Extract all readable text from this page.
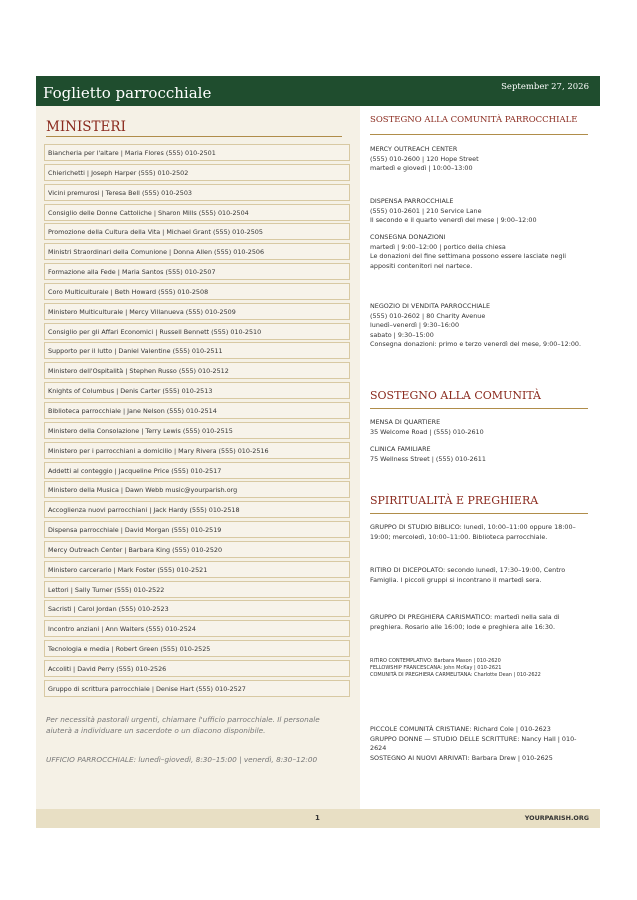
Foglietto parrocchiale	September 27, 2026
MINISTERI
Biancheria per l'altare | Maria Flores (555) 010-2501
Chierichetti | Joseph Harper (555) 010-2502
Vicini premurosi | Teresa Bell (555) 010-2503
Consiglio delle Donne Cattoliche | Sharon Mills (555) 010-2504
Promozione della Cultura della Vita | Michael Grant (555) 010-2505
Ministri Straordinari della Comunione | Donna Allen (555) 010-2506
Formazione alla Fede | Maria Santos (555) 010-2507
Coro Multiculturale | Beth Howard (555) 010-2508
Ministero Multiculturale | Mercy Villanueva (555) 010-2509
Consiglio per gli Affari Economici | Russell Bennett (555) 010-2510
Supporto per il lutto | Daniel Valentine (555) 010-2511
Ministero dell'Ospitalità | Stephen Russo (555) 010-2512
Knights of Columbus | Denis Carter (555) 010-2513
Biblioteca parrocchiale | Jane Nelson (555) 010-2514
Ministero della Consolazione | Terry Lewis (555) 010-2515
Ministero per i parrocchiani a domicilio | Mary Rivera (555) 010-2516
Addetti al conteggio | Jacqueline Price (555) 010-2517
Ministero della Musica | Dawn Webb music@yourparish.org
Accoglienza nuovi parrocchiani | Jack Hardy (555) 010-2518
Dispensa parrocchiale | David Morgan (555) 010-2519
Mercy Outreach Center | Barbara King (555) 010-2520
Ministero carcerario | Mark Foster (555) 010-2521
Lettori | Sally Turner (555) 010-2522
Sacristi | Carol Jordan (555) 010-2523
Incontro anziani | Ann Walters (555) 010-2524
Tecnologia e media | Robert Green (555) 010-2525
Accoliti | David Perry (555) 010-2526
Gruppo di scrittura parrocchiale | Denise Hart (555) 010-2527
Per necessità pastorali urgenti, chiamare l'ufficio parrocchiale. Il personale aiuterà a individuare un sacerdote o un diacono disponibile.
UFFICIO PARROCCHIALE: lunedì–giovedì, 8:30–15:00 | venerdì, 8:30–12:00
SOSTEGNO ALLA COMUNITÀ PARROCCHIALE
MERCY OUTREACH CENTER
(555) 010-2600 | 120 Hope Street
martedì e giovedì | 10:00–13:00
DISPENSA PARROCCHIALE
(555) 010-2601 | 210 Service Lane
Il secondo e il quarto venerdì del mese | 9:00–12:00
CONSEGNA DONAZIONI
martedì | 9:00–12:00 | portico della chiesa
Le donazioni del fine settimana possono essere lasciate negli appositi contenitori nel nartece.
NEGOZIO DI VENDITA PARROCCHIALE
(555) 010-2602 | 80 Charity Avenue
lunedì–venerdì | 9:30–16:00
sabato | 9:30–15:00
Consegna donazioni: primo e terzo venerdì del mese, 9:00–12:00.
SOSTEGNO ALLA COMUNITÀ
MENSA DI QUARTIERE
35 Welcome Road | (555) 010-2610
CLINICA FAMILIARE
75 Wellness Street | (555) 010-2611
SPIRITUALITÀ E PREGHIERA
GRUPPO DI STUDIO BIBLICO: lunedì, 10:00–11:00 oppure 18:00–19:00; mercoledì, 10:00–11:00. Biblioteca parrocchiale.
RITIRO DI DICEPOLATO: secondo lunedì, 17:30–19:00, Centro Famiglia. I piccoli gruppi si incontrano il martedì sera.
GRUPPO DI PREGHIERA CARISMATICO: martedì nella sala di preghiera. Rosario alle 16:00; lode e preghiera alle 16:30.
RITIRO CONTEMPLATIVO: Barbara Mason | 010-2620
FELLOWSHIP FRANCESCANA: John McKay | 010-2621
COMUNITÀ DI PREGHIERA CARMELITANA: Charlotte Dean | 010-2622
PICCOLE COMUNITÀ CRISTIANE: Richard Cole | 010-2623
GRUPPO DONNE — STUDIO DELLE SCRITTURE: Nancy Hall | 010-2624
SOSTEGNO AI NUOVI ARRIVATI: Barbara Drew | 010-2625
1	YOURPARISH.ORG
